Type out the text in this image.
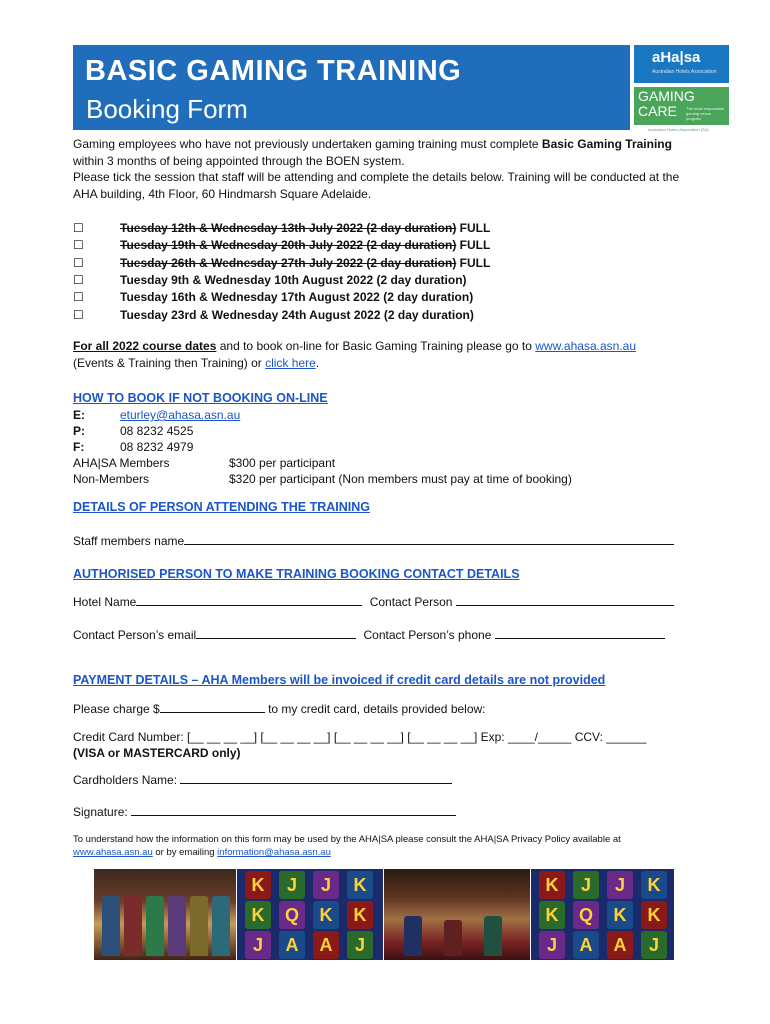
BASIC GAMING TRAINING
Booking Form
aHa|sa
Australian Hotels Association
GAMING CARE	The most responsible gaming venue program
Australian Hotels Association (SA)
Gaming employees who have not previously undertaken gaming training must complete Basic Gaming Training within 3 months of being appointed through the BOEN system.
Please tick the session that staff will be attending and complete the details below. Training will be conducted at the AHA building, 4th Floor, 60 Hindmarsh Square Adelaide.
☐	Tuesday 12th & Wednesday 13th July 2022 (2 day duration) FULL
☐	Tuesday 19th & Wednesday 20th July 2022 (2 day duration) FULL
☐	Tuesday 26th & Wednesday 27th July 2022 (2 day duration) FULL
☐	Tuesday 9th & Wednesday 10th August 2022 (2 day duration)
☐	Tuesday 16th & Wednesday 17th August 2022 (2 day duration)
☐	Tuesday 23rd & Wednesday 24th August 2022 (2 day duration)
For all 2022 course dates and to book on-line for Basic Gaming Training please go to www.ahasa.asn.au
(Events & Training then Training) or click here.
HOW TO BOOK IF NOT BOOKING ON-LINE
E:	eturley@ahasa.asn.au
P:	08 8232 4525
F:	08 8232 4979
AHA|SA Members	$300 per participant
Non-Members	$320 per participant (Non members must pay at time of booking)
DETAILS OF PERSON ATTENDING THE TRAINING
Staff members name
AUTHORISED PERSON TO MAKE TRAINING BOOKING CONTACT DETAILS
Hotel Name	Contact Person
Contact Person’s email	Contact Person’s phone
PAYMENT DETAILS – AHA Members will be invoiced if credit card details are not provided
Please charge $	to my credit card, details provided below:
Credit Card Number: [__ __ __ __] [__ __ __ __] [__ __ __ __] [__ __ __ __] Exp: ____/_____ CCV: ______
(VISA or MASTERCARD only)
Cardholders Name:
Signature:
To understand how the information on this form may be used by the AHA|SA please consult the AHA|SA Privacy Policy available at
www.ahasa.asn.au or by emailing information@ahasa.asn.au
K
K
J
J
Q
A
J
K
A
K
K
J
K
K
J
J
Q
A
J
K
A
K
K
J
